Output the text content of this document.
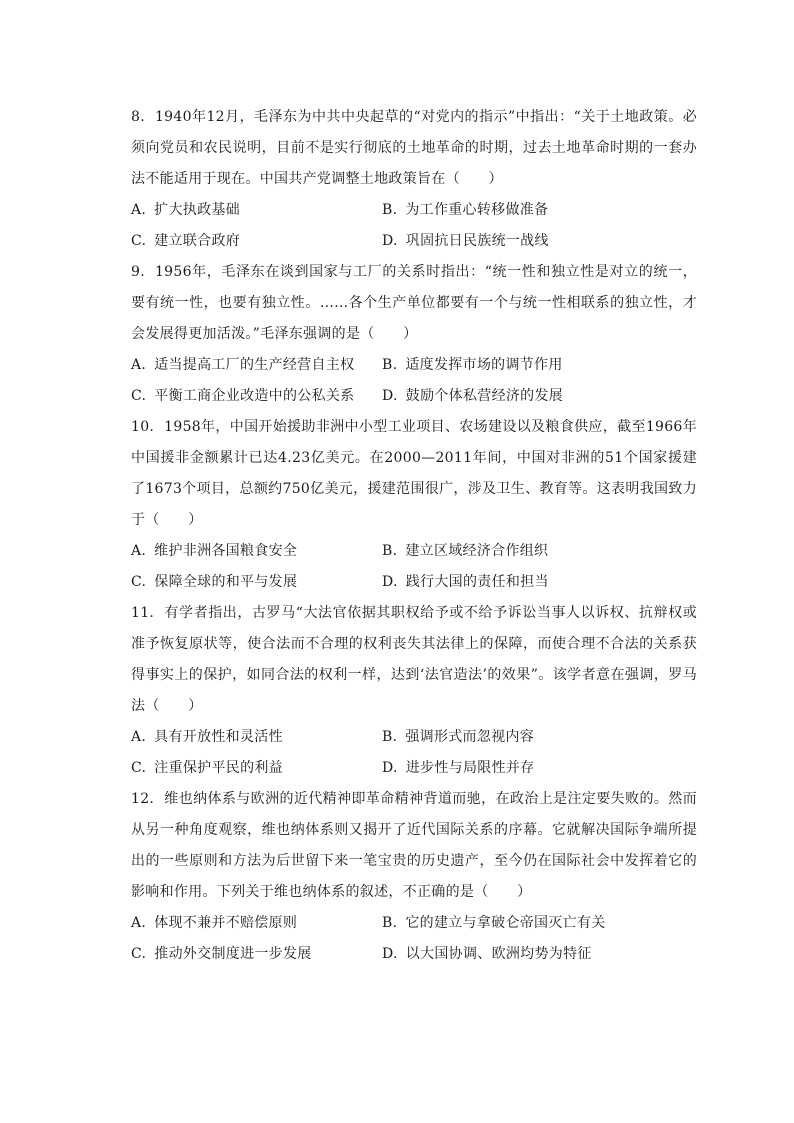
8. 1940年12月，毛泽东为中共中央起草的“对党内的指示”中指出：“关于土地政策。必须向党员和农民说明，目前不是实行彻底的土地革命的时期，过去土地革命时期的一套办法不能适用于现在。中国共产党调整土地政策旨在（　　）

A. 扩大执政基础	B. 为工作重心转移做准备
C. 建立联合政府	D. 巩固抗日民族统一战线

9. 1956年，毛泽东在谈到国家与工厂的关系时指出：“统一性和独立性是对立的统一，要有统一性，也要有独立性。……各个生产单位都要有一个与统一性相联系的独立性，才会发展得更加活泼。”毛泽东强调的是（　　）

A. 适当提高工厂的生产经营自主权	B. 适度发挥市场的调节作用
C. 平衡工商企业改造中的公私关系	D. 鼓励个体私营经济的发展

10. 1958年，中国开始援助非洲中小型工业项目、农场建设以及粮食供应，截至1966年中国援非金额累计已达4.23亿美元。在2000—2011年间，中国对非洲的51个国家援建了1673个项目，总额约750亿美元，援建范围很广，涉及卫生、教育等。这表明我国致力于（　　）

A. 维护非洲各国粮食安全	B. 建立区域经济合作组织
C. 保障全球的和平与发展	D. 践行大国的责任和担当

11. 有学者指出，古罗马“大法官依据其职权给予或不给予诉讼当事人以诉权、抗辩权或准予恢复原状等，使合法而不合理的权利丧失其法律上的保障，而使合理不合法的关系获得事实上的保护，如同合法的权利一样，达到‘法官造法’的效果”。该学者意在强调，罗马法（　　）

A. 具有开放性和灵活性	B. 强调形式而忽视内容
C. 注重保护平民的利益	D. 进步性与局限性并存

12. 维也纳体系与欧洲的近代精神即革命精神背道而驰，在政治上是注定要失败的。然而从另一种角度观察，维也纳体系则又揭开了近代国际关系的序幕。它就解决国际争端所提出的一些原则和方法为后世留下来一笔宝贵的历史遗产，至今仍在国际社会中发挥着它的影响和作用。下列关于维也纳体系的叙述，不正确的是（　　）

A. 体现不兼并不赔偿原则	B. 它的建立与拿破仑帝国灭亡有关
C. 推动外交制度进一步发展	D. 以大国协调、欧洲均势为特征
